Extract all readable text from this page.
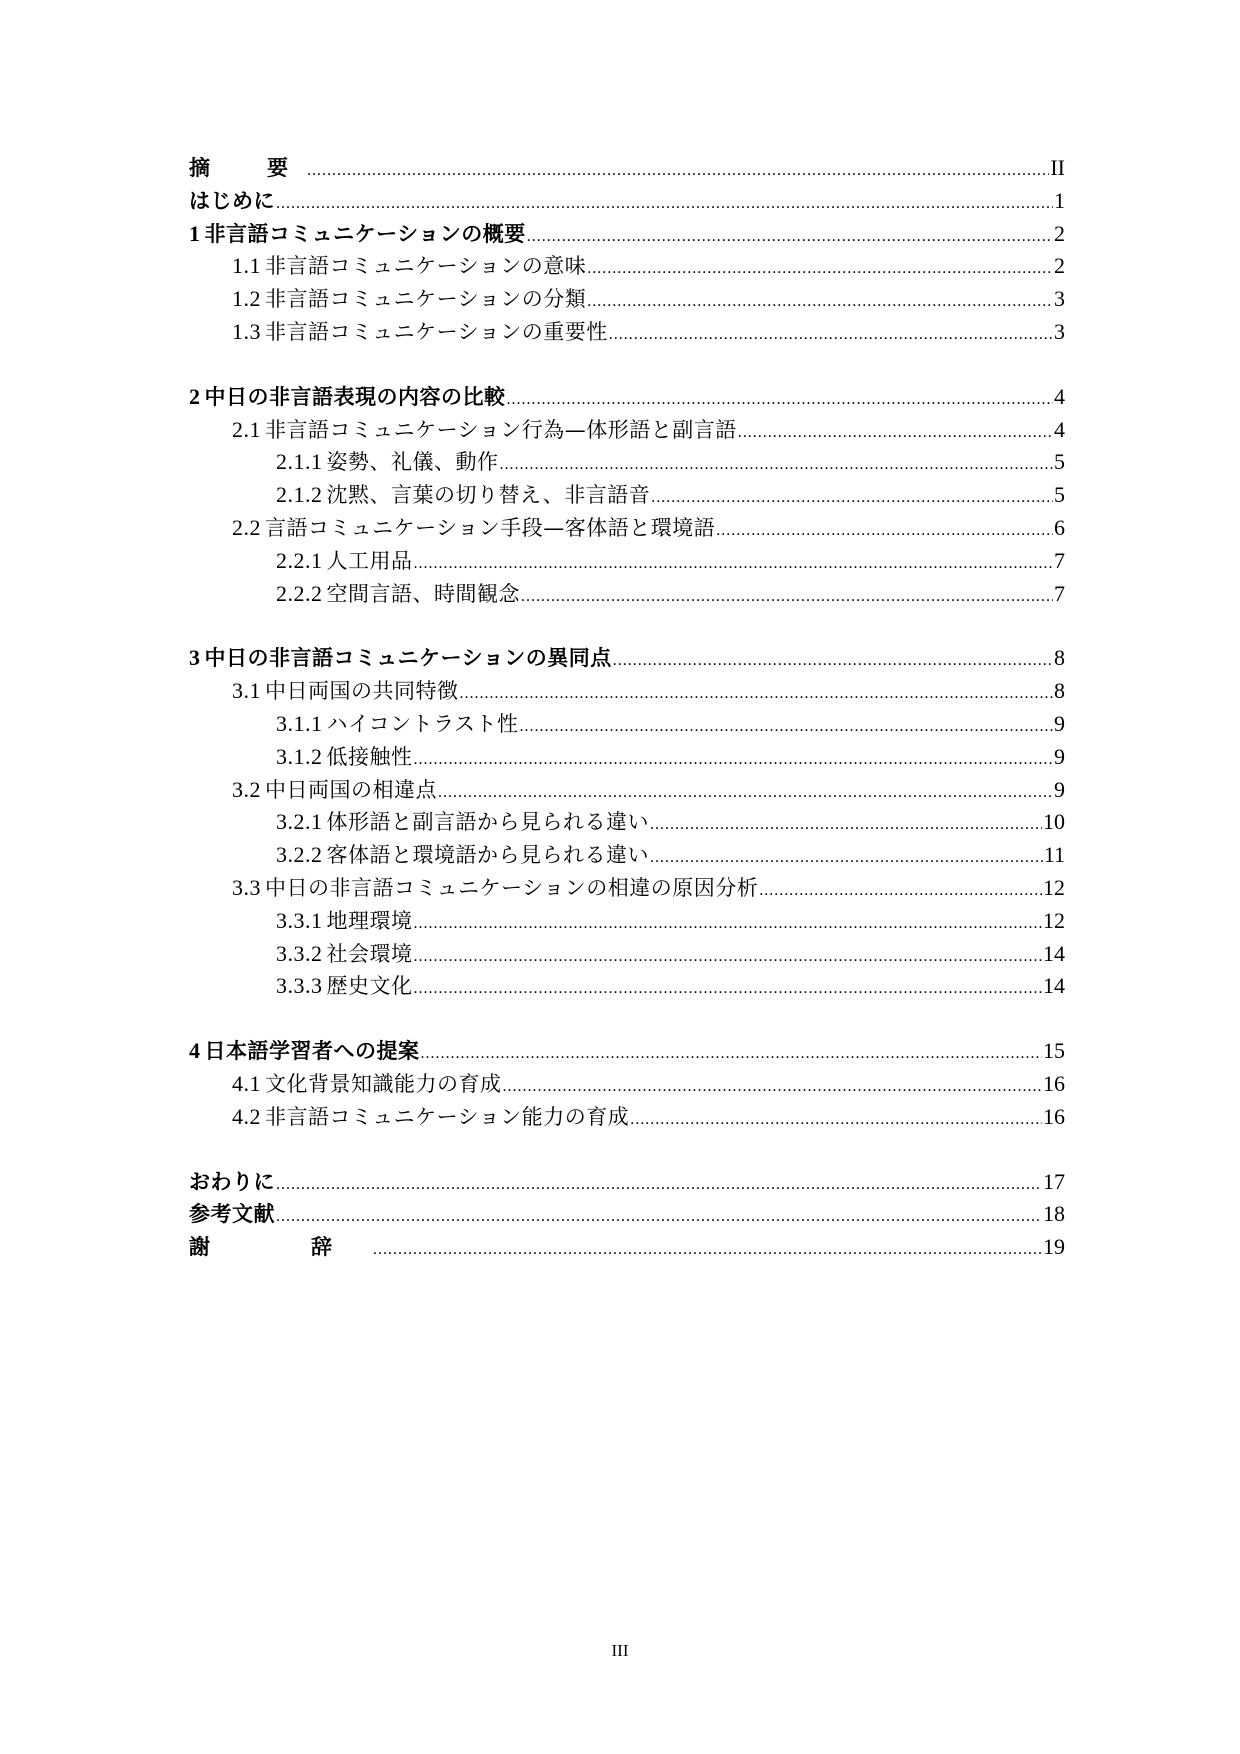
摘　要 .....	II
はじめに .....	1
1 非言語コミュニケーションの概要 .....	2
1.1 非言語コミュニケーションの意味 .....	2
1.2 非言語コミュニケーションの分類 .....	3
1.3 非言語コミュニケーションの重要性 .....	3
2 中日の非言語表現の内容の比較 .....	4
2.1 非言語コミュニケーション行為—体形語と副言語 .....	4
2.1.1 姿勢、礼儀、動作 .....	5
2.1.2 沈黙、言葉の切り替え、非言語音 .....	5
2.2 言語コミュニケーション手段—客体語と環境語 .....	6
2.2.1 人工用品 .....	7
2.2.2 空間言語、時間観念 .....	7
3 中日の非言語コミュニケーションの異同点 .....	8
3.1 中日両国の共同特徴 .....	8
3.1.1 ハイコントラスト性 .....	9
3.1.2 低接触性 .....	9
3.2 中日両国の相違点 .....	9
3.2.1 体形語と副言語から見られる違い .....	10
3.2.2 客体語と環境語から見られる違い .....	11
3.3 中日の非言語コミュニケーションの相違の原因分析 .....	12
3.3.1 地理環境 .....	12
3.3.2 社会環境 .....	14
3.3.3 歴史文化 .....	14
4 日本語学習者への提案 .....	15
4.1 文化背景知識能力の育成 .....	16
4.2 非言語コミュニケーション能力の育成 .....	16
おわりに .....	17
参考文献 .....	18
謝　辞 .....	19
III
